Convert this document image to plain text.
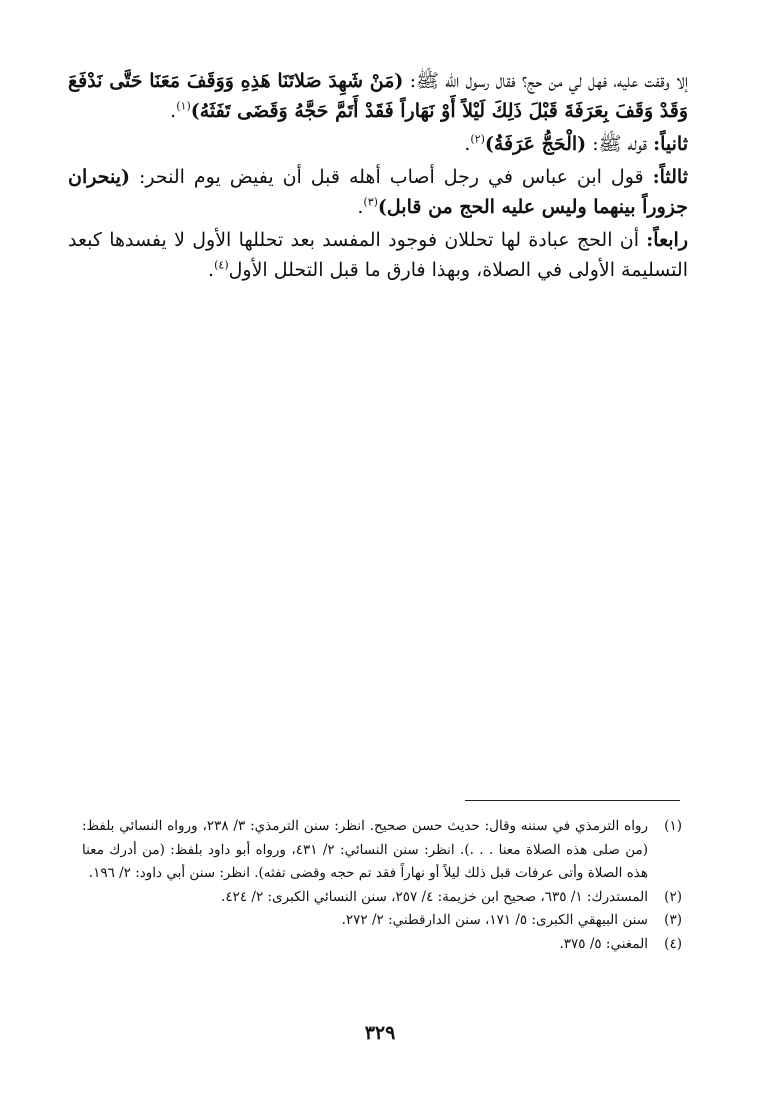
إلا وقفت عليه، فهل لي من حج؟ فقال رسول الله ﷺ: (مَنْ شَهِدَ صَلاتَنَا هَذِهِ وَوَقَفَ مَعَنَا حَتَّى نَدْفَعَ وَقَدْ وَقَفَ بِعَرَفَةَ قَبْلَ ذَلِكَ لَيْلاً أَوْ نَهَاراً فَقَدْ أَتَمَّ حَجَّهُ وَقَضَى تَفَثَهُ)$^{(١)}$.

ثانياً: قوله ﷺ: (الْحَجُّ عَرَفَةُ)$^{(٢)}$.

ثالثاً: قول ابن عباس في رجل أصاب أهله قبل أن يفيض يوم النحر: (ينحران جزوراً بينهما وليس عليه الحج من قابل)$^{(٣)}$.

رابعاً: أن الحج عبادة لها تحللان فوجود المفسد بعد تحللها الأول لا يفسدها كبعد التسليمة الأولى في الصلاة، وبهذا فارق ما قبل التحلل الأول$^{(٤)}$.

(١)
رواه الترمذي في سننه وقال: حديث حسن صحيح. انظر: سنن الترمذي: ٣/ ٢٣٨، ورواه النسائي بلفظ: (من صلى هذه الصلاة معنا . . .). انظر: سنن النسائي: ٢/ ٤٣١، ورواه أبو داود بلفظ: (من أدرك معنا هذه الصلاة وأتى عرفات قبل ذلك ليلاً أو نهاراً فقد تم حجه وقضى تفثه). انظر: سنن أبي داود: ٢/ ١٩٦.
(٢)
المستدرك: ١/ ٦٣٥، صحيح ابن خزيمة: ٤/ ٢٥٧، سنن النسائي الكبرى: ٢/ ٤٢٤.
(٣)
سنن البيهقي الكبرى: ٥/ ١٧١، سنن الدارقطني: ٢/ ٢٧٢.
(٤)
المغني: ٥/ ٣٧٥.
٣٢٩
